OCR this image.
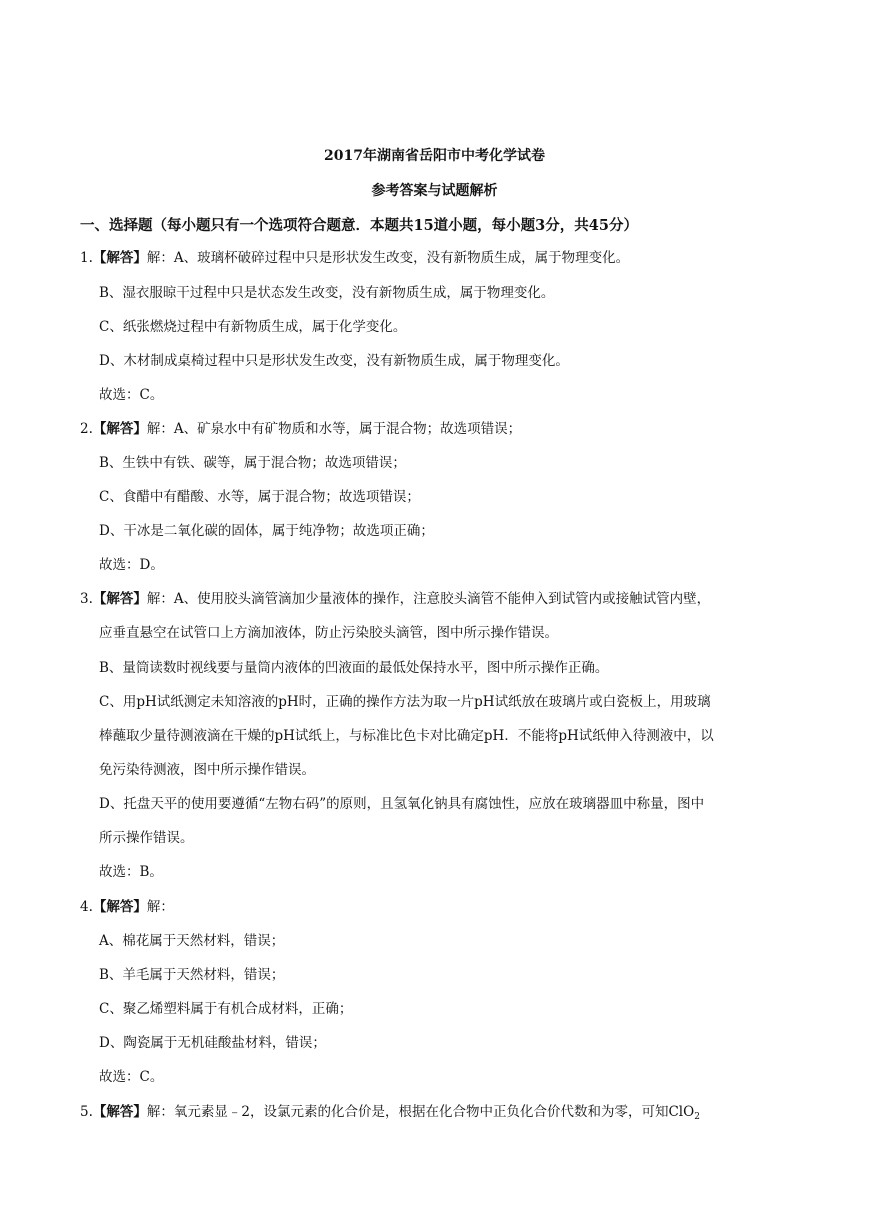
2017年湖南省岳阳市中考化学试卷
参考答案与试题解析
一、选择题（每小题只有一个选项符合题意．本题共15道小题，每小题3分，共45分）
1.【解答】解：A、玻璃杯破碎过程中只是形状发生改变，没有新物质生成，属于物理变化。
B、湿衣服晾干过程中只是状态发生改变，没有新物质生成，属于物理变化。
C、纸张燃烧过程中有新物质生成，属于化学变化。
D、木材制成桌椅过程中只是形状发生改变，没有新物质生成，属于物理变化。
故选：C。
2.【解答】解：A、矿泉水中有矿物质和水等，属于混合物；故选项错误；
B、生铁中有铁、碳等，属于混合物；故选项错误；
C、食醋中有醋酸、水等，属于混合物；故选项错误；
D、干冰是二氧化碳的固体，属于纯净物；故选项正确；
故选：D。
3.【解答】解：A、使用胶头滴管滴加少量液体的操作，注意胶头滴管不能伸入到试管内或接触试管内壁，
应垂直悬空在试管口上方滴加液体，防止污染胶头滴管，图中所示操作错误。
B、量筒读数时视线要与量筒内液体的凹液面的最低处保持水平，图中所示操作正确。
C、用pH试纸测定未知溶液的pH时，正确的操作方法为取一片pH试纸放在玻璃片或白瓷板上，用玻璃
棒蘸取少量待测液滴在干燥的pH试纸上，与标准比色卡对比确定pH．不能将pH试纸伸入待测液中，以
免污染待测液，图中所示操作错误。
D、托盘天平的使用要遵循“左物右码”的原则，且氢氧化钠具有腐蚀性，应放在玻璃器皿中称量，图中
所示操作错误。
故选：B。
4.【解答】解：
A、棉花属于天然材料，错误；
B、羊毛属于天然材料，错误；
C、聚乙烯塑料属于有机合成材料，正确；
D、陶瓷属于无机硅酸盐材料，错误；
故选：C。
5.【解答】解：氧元素显﹣2，设氯元素的化合价是，根据在化合物中正负化合价代数和为零，可知ClO$_2$
